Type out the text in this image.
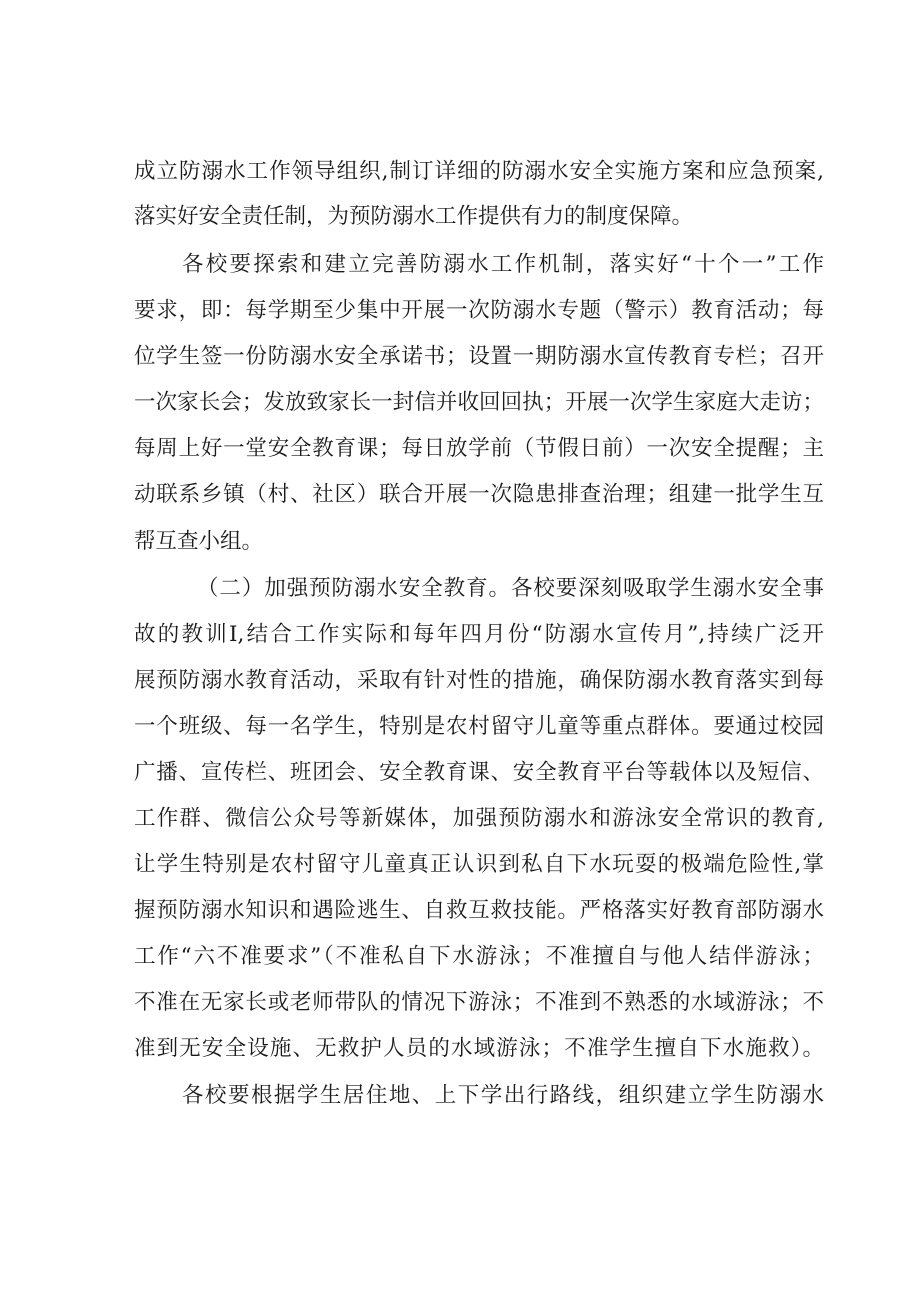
成立防溺水工作领导组织,制订详细的防溺水安全实施方案和应急预案,
落实好安全责任制，为预防溺水工作提供有力的制度保障。
各校要探索和建立完善防溺水工作机制，落实好“十个一”工作
要求，即：每学期至少集中开展一次防溺水专题（警示）教育活动；每
位学生签一份防溺水安全承诺书；设置一期防溺水宣传教育专栏；召开
一次家长会；发放致家长一封信并收回回执；开展一次学生家庭大走访；
每周上好一堂安全教育课；每日放学前（节假日前）一次安全提醒；主
动联系乡镇（村、社区）联合开展一次隐患排查治理；组建一批学生互
帮互查小组。
（二）加强预防溺水安全教育。各校要深刻吸取学生溺水安全事
故的教训I,结合工作实际和每年四月份“防溺水宣传月”,持续广泛开
展预防溺水教育活动，采取有针对性的措施，确保防溺水教育落实到每
一个班级、每一名学生，特别是农村留守儿童等重点群体。要通过校园
广播、宣传栏、班团会、安全教育课、安全教育平台等载体以及短信、
工作群、微信公众号等新媒体，加强预防溺水和游泳安全常识的教育,
让学生特别是农村留守儿童真正认识到私自下水玩耍的极端危险性,掌
握预防溺水知识和遇险逃生、自救互救技能。严格落实好教育部防溺水
工作“六不准要求”（不准私自下水游泳；不准擅自与他人结伴游泳；
不准在无家长或老师带队的情况下游泳；不准到不熟悉的水域游泳；不
准到无安全设施、无救护人员的水域游泳；不准学生擅自下水施救）。
各校要根据学生居住地、上下学出行路线，组织建立学生防溺水
